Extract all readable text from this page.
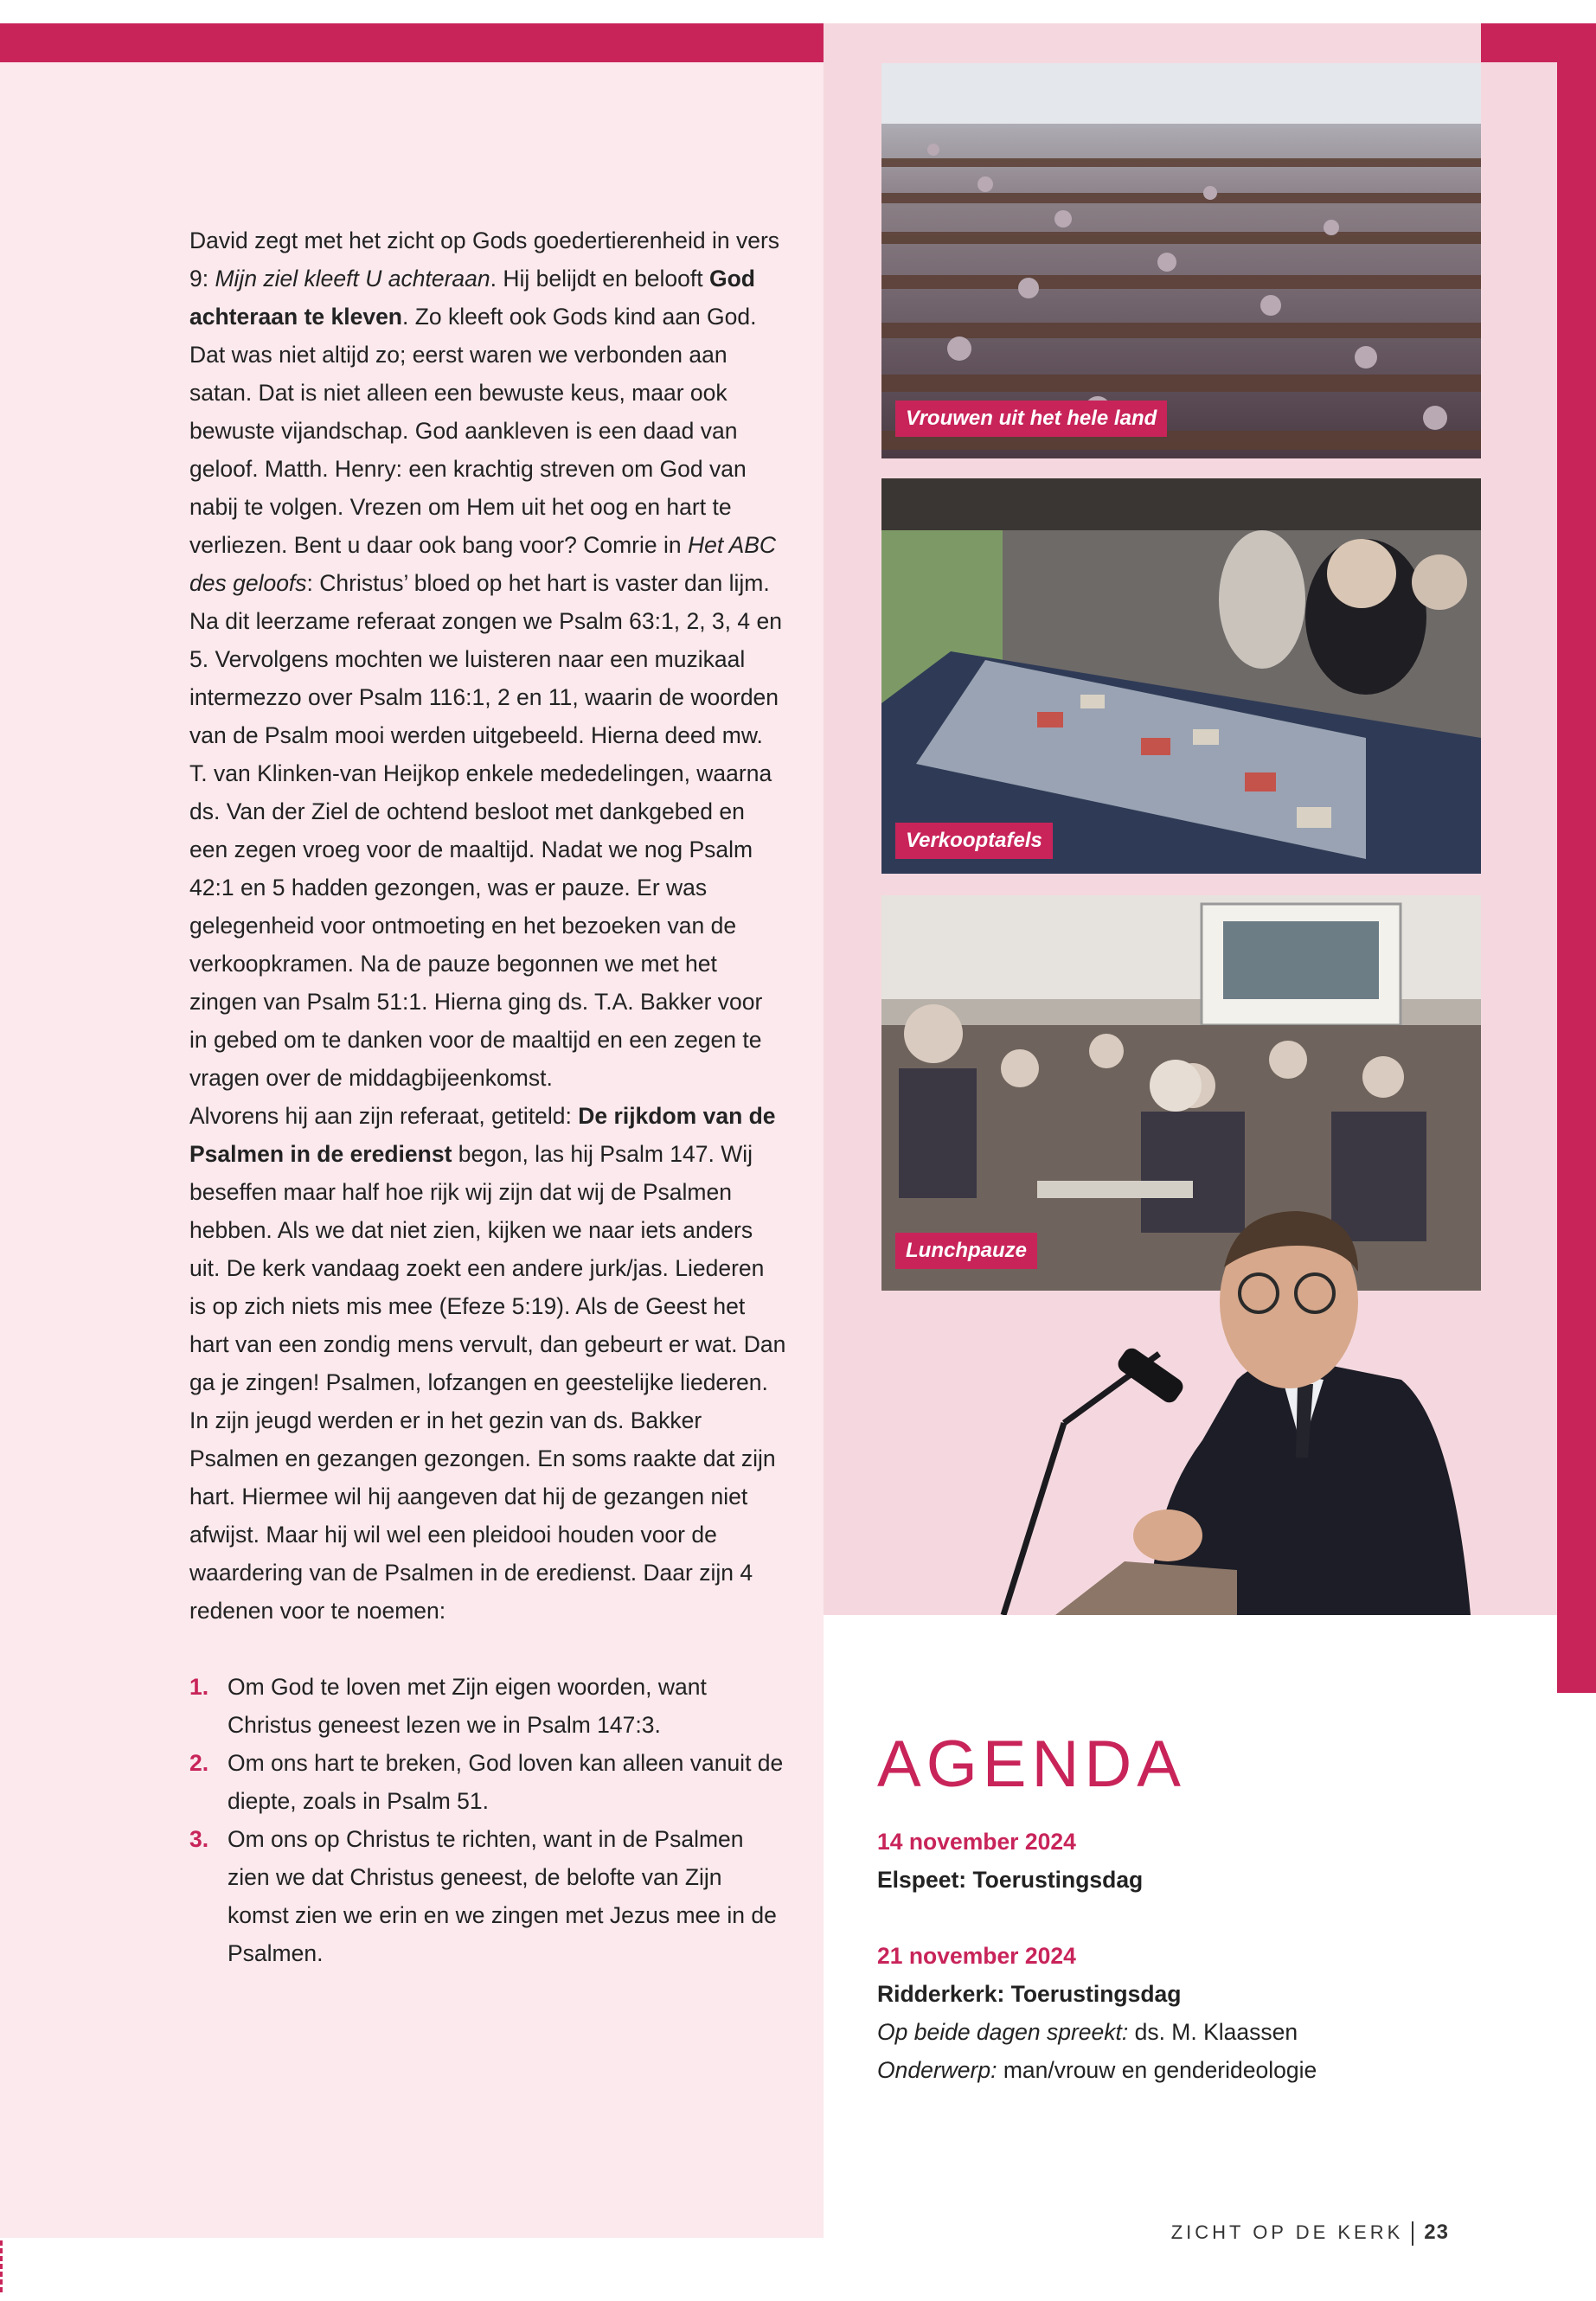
David zegt met het zicht op Gods goedertierenheid in vers 9: Mijn ziel kleeft U achteraan. Hij belijdt en belooft God achteraan te kleven. Zo kleeft ook Gods kind aan God. Dat was niet altijd zo; eerst waren we verbonden aan satan. Dat is niet alleen een bewuste keus, maar ook bewuste vijandschap. God aankleven is een daad van geloof. Matth. Henry: een krachtig streven om God van nabij te volgen. Vrezen om Hem uit het oog en hart te verliezen. Bent u daar ook bang voor? Comrie in Het ABC des geloofs: Christus’ bloed op het hart is vaster dan lijm. Na dit leerzame referaat zongen we Psalm 63:1, 2, 3, 4 en 5. Vervolgens mochten we luisteren naar een muzikaal intermezzo over Psalm 116:1, 2 en 11, waarin de woorden van de Psalm mooi werden uitgebeeld. Hierna deed mw. T. van Klinken-van Heijkop enkele mededelingen, waarna ds. Van der Ziel de ochtend besloot met dankgebed en een zegen vroeg voor de maaltijd. Nadat we nog Psalm 42:1 en 5 hadden gezongen, was er pauze. Er was gelegenheid voor ontmoeting en het bezoeken van de verkoopkramen. Na de pauze begonnen we met het zingen van Psalm 51:1. Hierna ging ds. T.A. Bakker voor in gebed om te danken voor de maaltijd en een zegen te vragen over de middagbijeenkomst.

Alvorens hij aan zijn referaat, getiteld: De rijkdom van de Psalmen in de eredienst begon, las hij Psalm 147. Wij beseffen maar half hoe rijk wij zijn dat wij de Psalmen hebben. Als we dat niet zien, kijken we naar iets anders uit. De kerk vandaag zoekt een andere jurk/jas. Liederen is op zich niets mis mee (Efeze 5:19). Als de Geest het hart van een zondig mens vervult, dan gebeurt er wat. Dan ga je zingen! Psalmen, lofzangen en geestelijke liederen. In zijn jeugd werden er in het gezin van ds. Bakker Psalmen en gezangen gezongen. En soms raakte dat zijn hart. Hiermee wil hij aangeven dat hij de gezangen niet afwijst. Maar hij wil wel een pleidooi houden voor de waardering van de Psalmen in de eredienst. Daar zijn 4 redenen voor te noemen:

1. Om God te loven met Zijn eigen woorden, want Christus geneest lezen we in Psalm 147:3.
2. Om ons hart te breken, God loven kan alleen vanuit de diepte, zoals in Psalm 51.
3. Om ons op Christus te richten, want in de Psalmen zien we dat Christus geneest, de belofte van Zijn komst zien we erin en we zingen met Jezus mee in de Psalmen.
Vrouwen uit het hele land
Verkooptafels
Lunchpauze
AGENDA
14 november 2024
Elspeet: Toerustingsdag
21 november 2024
Ridderkerk: Toerustingsdag
Op beide dagen spreekt: ds. M. Klaassen
Onderwerp: man/vrouw en genderideologie
ZICHT OP DE KERK 23
